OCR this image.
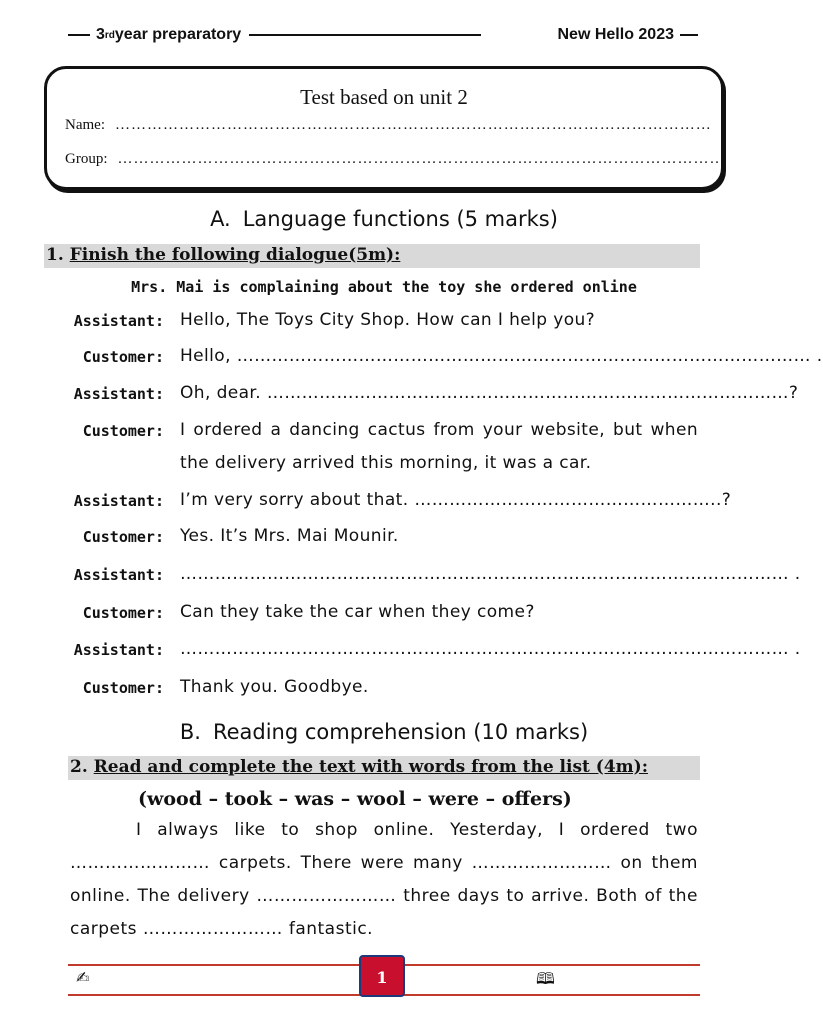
3 rd year preparatory	New Hello 2023
Test based on unit 2
Name: ……………………………………………………….…………………………………………
Group: ……………………………………………………………………………………………………
A. Language functions (5 marks)
1. Finish the following dialogue(5m):
Mrs. Mai is complaining about the toy she ordered online
Assistant: Hello, The Toys City Shop. How can I help you?
Customer: Hello, ……………………………………………………………………………………… .
Assistant: Oh, dear. ………………………………………………………………………………?
Customer: I ordered a dancing cactus from your website, but when the delivery arrived this morning, it was a car.
Assistant: I’m very sorry about that. ……………………………………………..?
Customer: Yes. It’s Mrs. Mai Mounir.
Assistant: …………………………………………………………………………………………… .
Customer: Can they take the car when they come?
Assistant: …………………………………………………………………………………………… .
Customer: Thank you. Goodbye.
B. Reading comprehension (10 marks)
2. Read and complete the text with words from the list (4m):
(wood – took – was – wool – were – offers)
I always like to shop online. Yesterday, I ordered two …………………… carpets. There were many …………………… on them online. The delivery …………………… three days to arrive. Both of the carpets …………………… fantastic.
✍	🕮
1
